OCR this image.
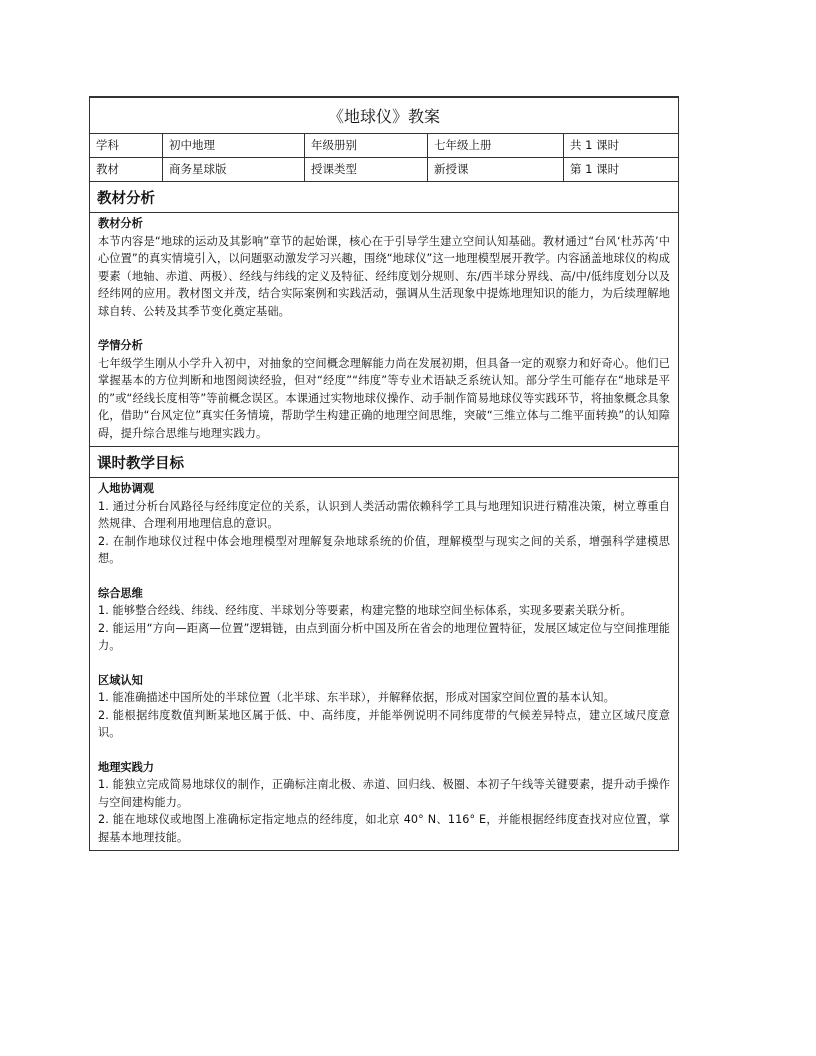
《地球仪》教案
学科	初中地理	年级册别	七年级上册	共 1 课时
教材	商务星球版	授课类型	新授课	第 1 课时
教材分析

教材分析

本节内容是“地球的运动及其影响”章节的起始课，核心在于引导学生建立空间认知基础。教材通过“台风‘杜苏芮’中心位置”的真实情境引入，以问题驱动激发学习兴趣，围绕“地球仪”这一地理模型展开教学。内容涵盖地球仪的构成要素（地轴、赤道、两极）、经线与纬线的定义及特征、经纬度划分规则、东/西半球分界线、高/中/低纬度划分以及经纬网的应用。教材图文并茂，结合实际案例和实践活动，强调从生活现象中提炼地理知识的能力，为后续理解地球自转、公转及其季节变化奠定基础。

学情分析

七年级学生刚从小学升入初中，对抽象的空间概念理解能力尚在发展初期，但具备一定的观察力和好奇心。他们已掌握基本的方位判断和地图阅读经验，但对“经度”“纬度”等专业术语缺乏系统认知。部分学生可能存在“地球是平的”或“经线长度相等”等前概念误区。本课通过实物地球仪操作、动手制作简易地球仪等实践环节，将抽象概念具象化，借助“台风定位”真实任务情境，帮助学生构建正确的地理空间思维，突破“三维立体与二维平面转换”的认知障碍，提升综合思维与地理实践力。

课时教学目标

人地协调观

1. 通过分析台风路径与经纬度定位的关系，认识到人类活动需依赖科学工具与地理知识进行精准决策，树立尊重自然规律、合理利用地理信息的意识。

2. 在制作地球仪过程中体会地理模型对理解复杂地球系统的价值，理解模型与现实之间的关系，增强科学建模思想。

综合思维

1. 能够整合经线、纬线、经纬度、半球划分等要素，构建完整的地球空间坐标体系，实现多要素关联分析。

2. 能运用“方向—距离—位置”逻辑链，由点到面分析中国及所在省会的地理位置特征，发展区域定位与空间推理能力。

区域认知

1. 能准确描述中国所处的半球位置（北半球、东半球），并解释依据，形成对国家空间位置的基本认知。

2. 能根据纬度数值判断某地区属于低、中、高纬度，并能举例说明不同纬度带的气候差异特点，建立区域尺度意识。

地理实践力

1. 能独立完成简易地球仪的制作，正确标注南北极、赤道、回归线、极圈、本初子午线等关键要素，提升动手操作与空间建构能力。

2. 能在地球仪或地图上准确标定指定地点的经纬度，如北京 40° N、116° E，并能根据经纬度查找对应位置，掌握基本地理技能。
